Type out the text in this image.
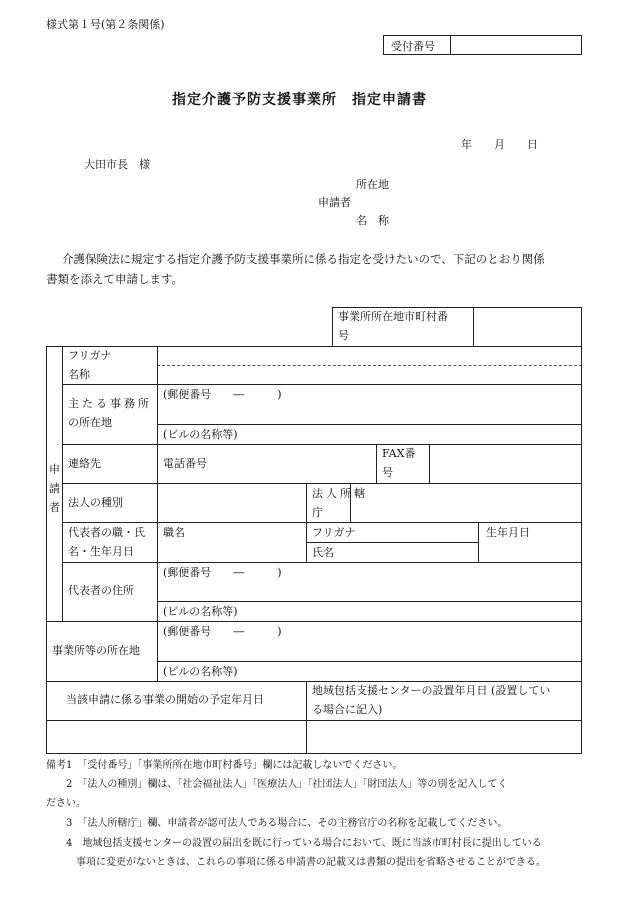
様式第１号(第２条関係)
受付番号
指定介護予防支援事業所　指定申請書
年　　月　　日
大田市長　様
所在地
申請者
名　称
介護保険法に規定する指定介護予防支援事業所に係る指定を受けたいので、下記のとおり関係
書類を添えて申請します。
事業所所在地市町村番
号
申
請
者
フリガナ
名称
主たる事務所
の所在地
(郵便番号　　―　　　)
(ビルの名称等)
連絡先	電話番号
FAX番
号
法人の種別
法人所轄
庁
代表者の職・氏
名・生年月日
職名	フリガナ
氏名
生年月日
代表者の住所
(郵便番号　　―　　　)
(ビルの名称等)
事業所等の所在地
(郵便番号　　―　　　)
(ビルの名称等)
当該申請に係る事業の開始の予定年月日
地域包括支援センターの設置年月日 (設置してい
る場合に記入)
備考1　「受付番号」「事業所所在地市町村番号」欄には記載しないでください。
　　2　「法人の種別」欄は、「社会福祉法人」「医療法人」「社団法人」「財団法人」等の別を記入してく
ださい。
　　3　「法人所轄庁」欄、申請者が認可法人である場合に、その主務官庁の名称を記載してください。
　　4　地域包括支援センターの設置の届出を既に行っている場合において、既に当該市町村長に提出している
　　　事項に変更がないときは、これらの事項に係る申請書の記載又は書類の提出を省略させることができる。
